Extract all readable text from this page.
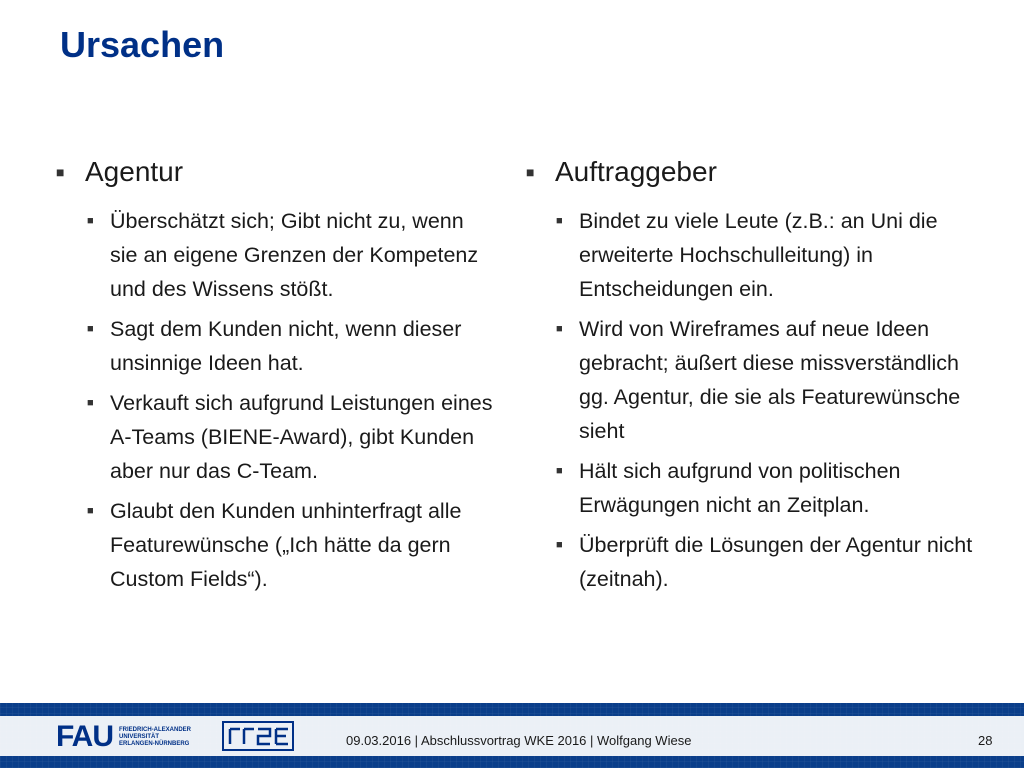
Ursachen
■ Agentur
■ Überschätzt sich; Gibt nicht zu, wenn sie an eigene Grenzen der Kompetenz und des Wissens stößt.
■ Sagt dem Kunden nicht, wenn dieser unsinnige Ideen hat.
■ Verkauft sich aufgrund Leistungen eines A-Teams (BIENE-Award), gibt Kunden aber nur das C-Team.
■ Glaubt den Kunden unhinterfragt alle Featurewünsche („Ich hätte da gern Custom Fields“).
■ Auftraggeber
■ Bindet zu viele Leute (z.B.: an Uni die erweiterte Hochschulleitung) in Entscheidungen ein.
■ Wird von Wireframes auf neue Ideen gebracht; äußert diese missverständlich gg. Agentur, die sie als Featurewünsche sieht
■ Hält sich aufgrund von politischen Erwägungen nicht an Zeitplan.
■ Überprüft die Lösungen der Agentur nicht (zeitnah).
FAU FRIEDRICH-ALEXANDER
UNIVERSITÄT
ERLANGEN-NÜRNBERG	09.03.2016 | Abschlussvortrag WKE 2016 | Wolfgang Wiese	28
